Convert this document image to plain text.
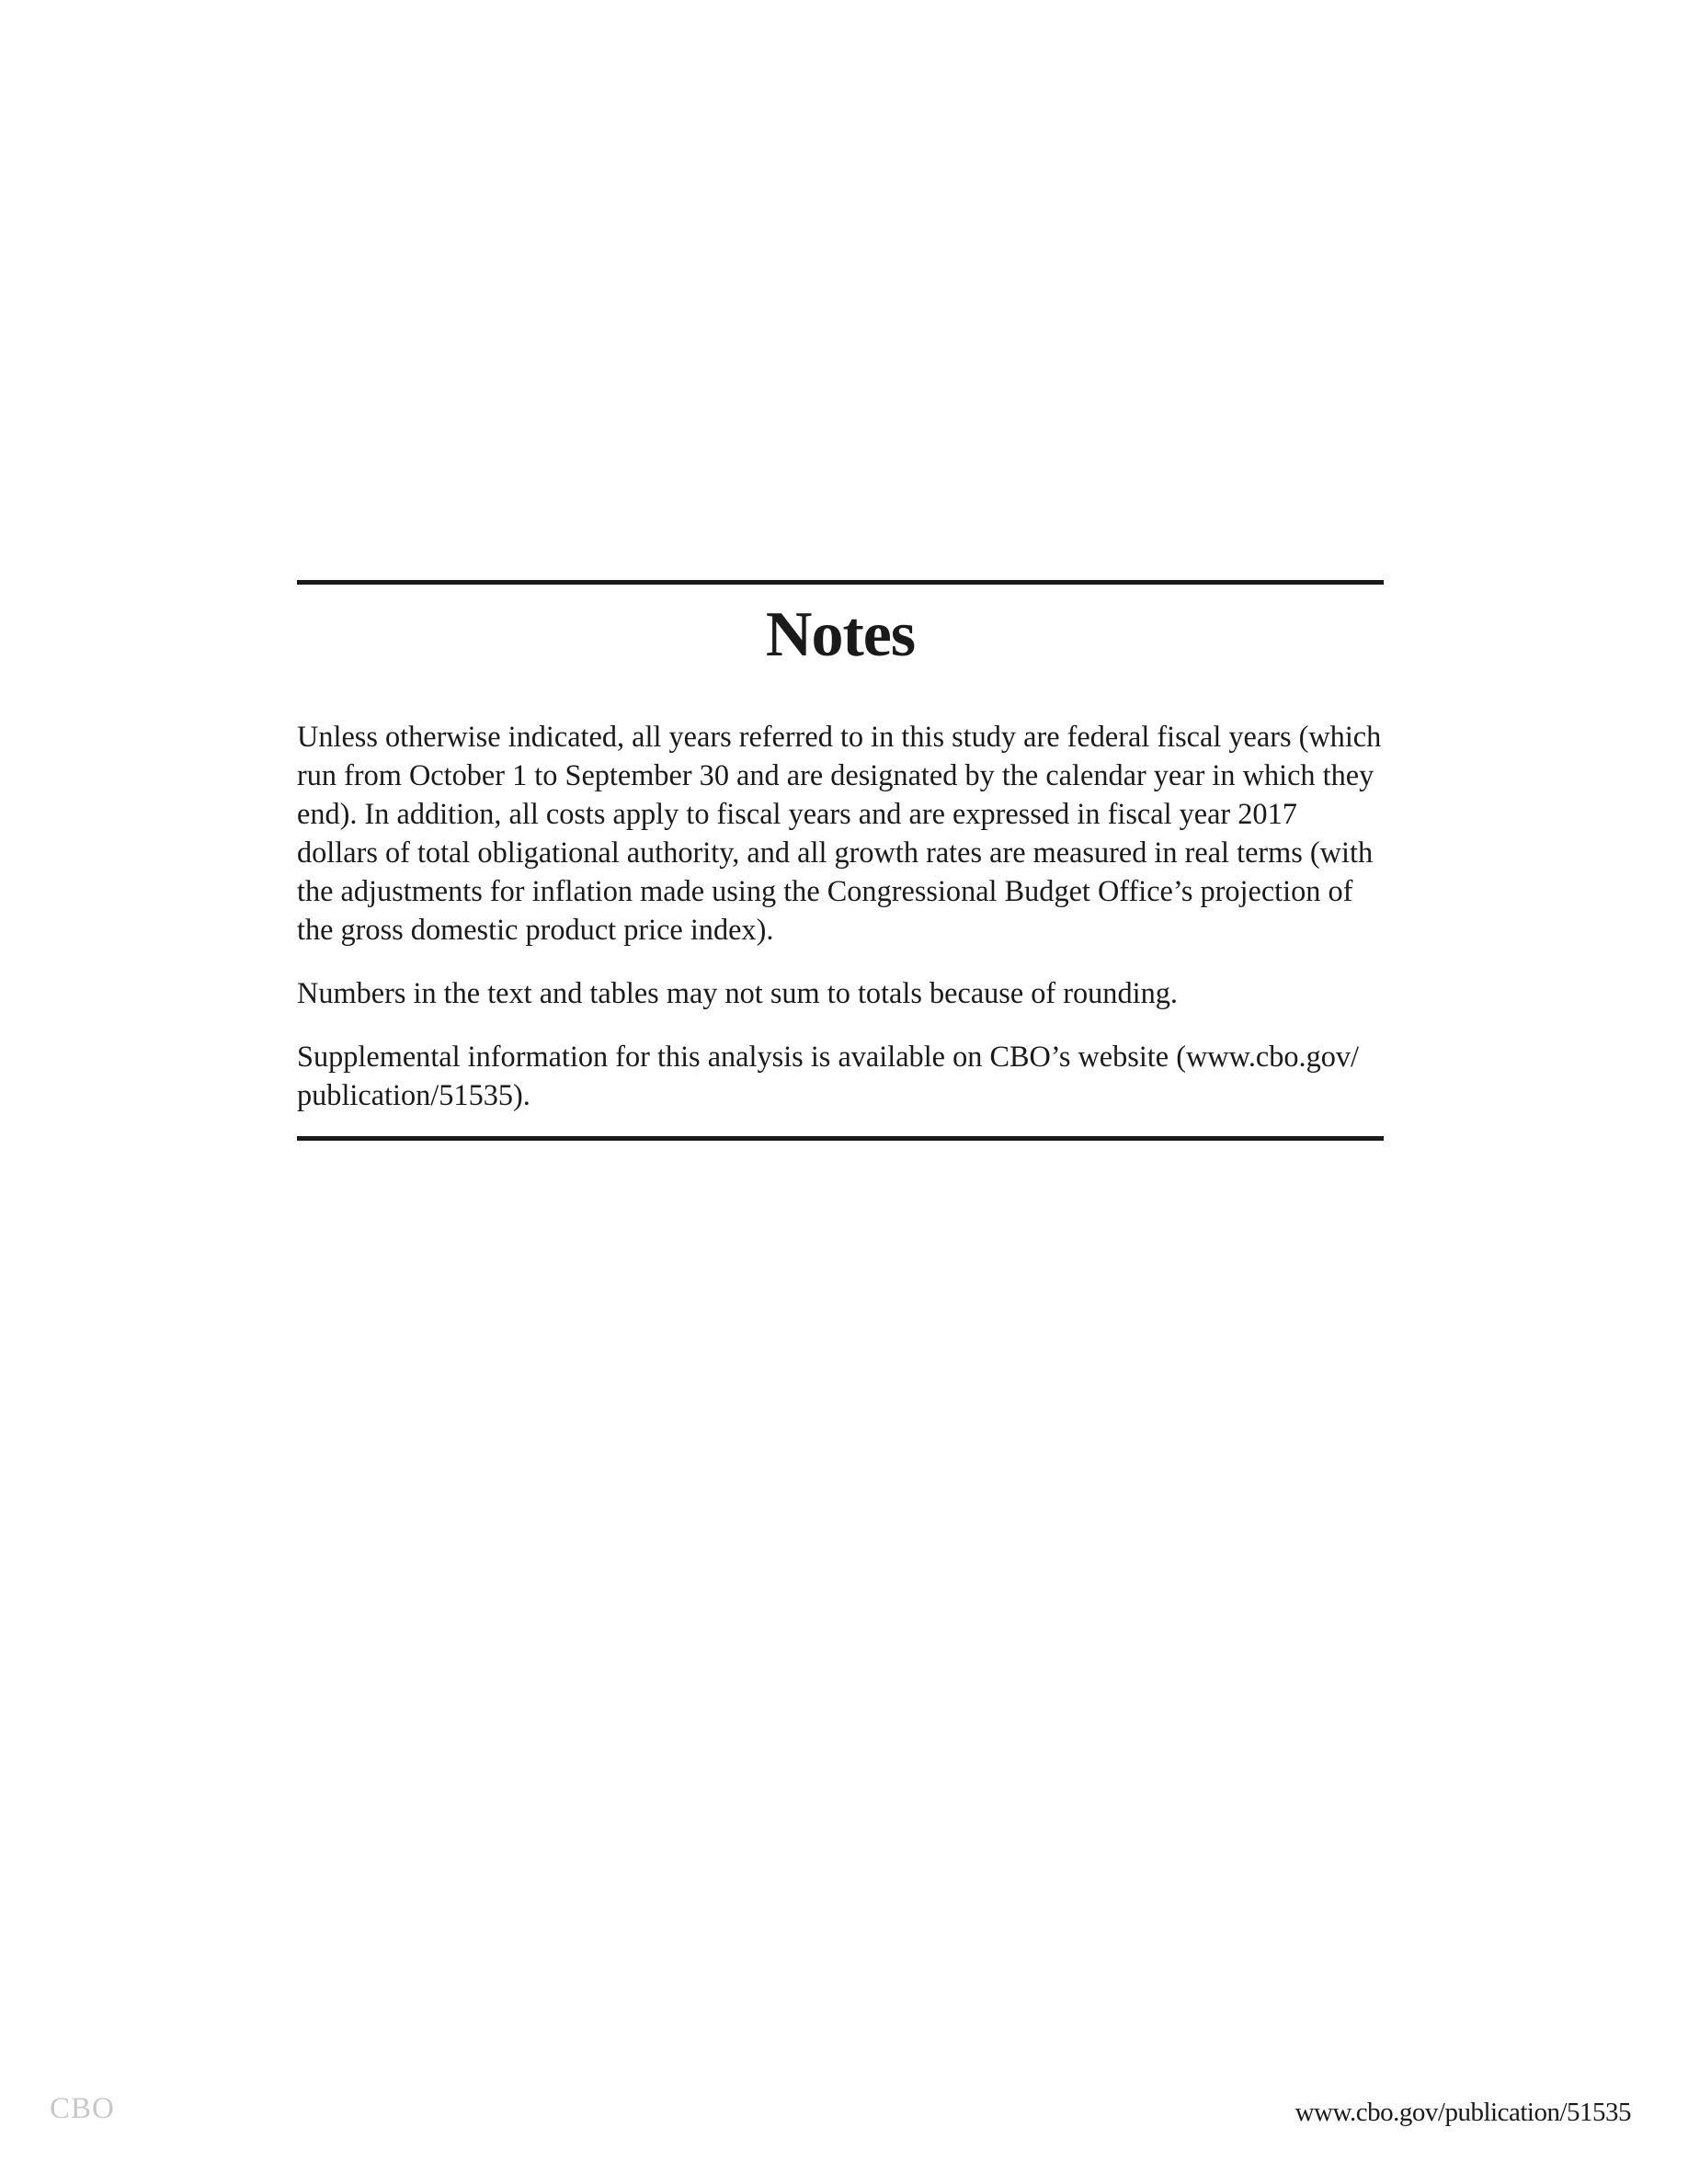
Notes

Unless otherwise indicated, all years referred to in this study are federal fiscal years (which run from October 1 to September 30 and are designated by the calendar year in which they end). In addition, all costs apply to fiscal years and are expressed in fiscal year 2017 dollars of total obligational authority, and all growth rates are measured in real terms (with the adjustments for inflation made using the Congressional Budget Office’s projection of the gross domestic product price index).

Numbers in the text and tables may not sum to totals because of rounding.

Supplemental information for this analysis is available on CBO’s website (www.cbo.gov/ publication/51535).

CBO	www.cbo.gov/publication/51535
